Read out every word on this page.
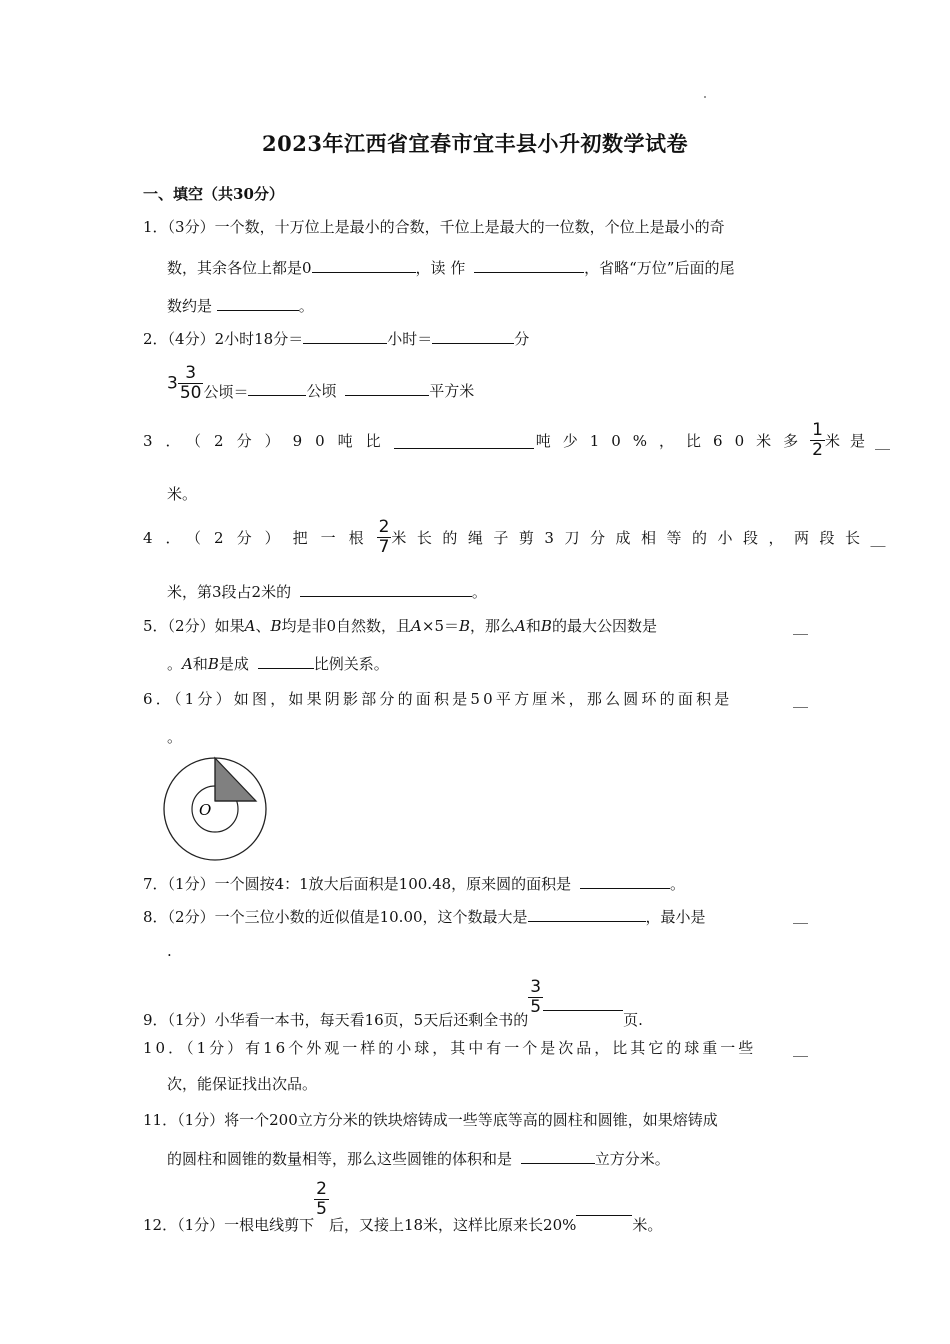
2023年江西省宜春市宜丰县小升初数学试卷
一、填空（共30分）
1．（3分）一个数，十万位上是最小的合数，千位上是最大的一位数，个位上是最小的奇
数，其余各位上都是0	，读 作	，省略“万位”后面的尾
数约是	。
2．（4分）2小时18分＝	小时＝	分
$3 \frac{3}{50}$ 公顷＝	公顷	平方米
3．（2分）90吨比	吨少10%，比60米多 $\frac{1}{2}$ 米是 __
米。
4．（2分）把一根 $\frac{2}{7}$ 米长的绳子剪3刀分成相等的小段，两段长 __
米，第3段占2米的	。
5．（2分）如果A、B均是非0自然数，且A×5＝B，那么A和B的最大公因数是	__
。A和B是成	比例关系。
6．（1分）如图，如果阴影部分的面积是50平方厘米，那么圆环的面积是	__
。
O
7．（1分）一个圆按4：1放大后面积是100.48，原来圆的面积是	。
8．（2分）一个三位小数的近似值是10.00，这个数最大是	，最小是	__
.
9．（1分）小华看一本书，每天看16页，5天后还剩全书的
$\frac{3}{5}$
页.
10．（1分）有16个外观一样的小球，其中有一个是次品，比其它的球重一些 __
次，能保证找出次品。
11．（1分）将一个200立方分米的铁块熔铸成一些等底等高的圆柱和圆锥，如果熔铸成
的圆柱和圆锥的数量相等，那么这些圆锥的体积和是	立方分米。
12．（1分）一根电线剪下
$\frac{2}{5}$
后，又接上18米，这样比原来长20%	米。
